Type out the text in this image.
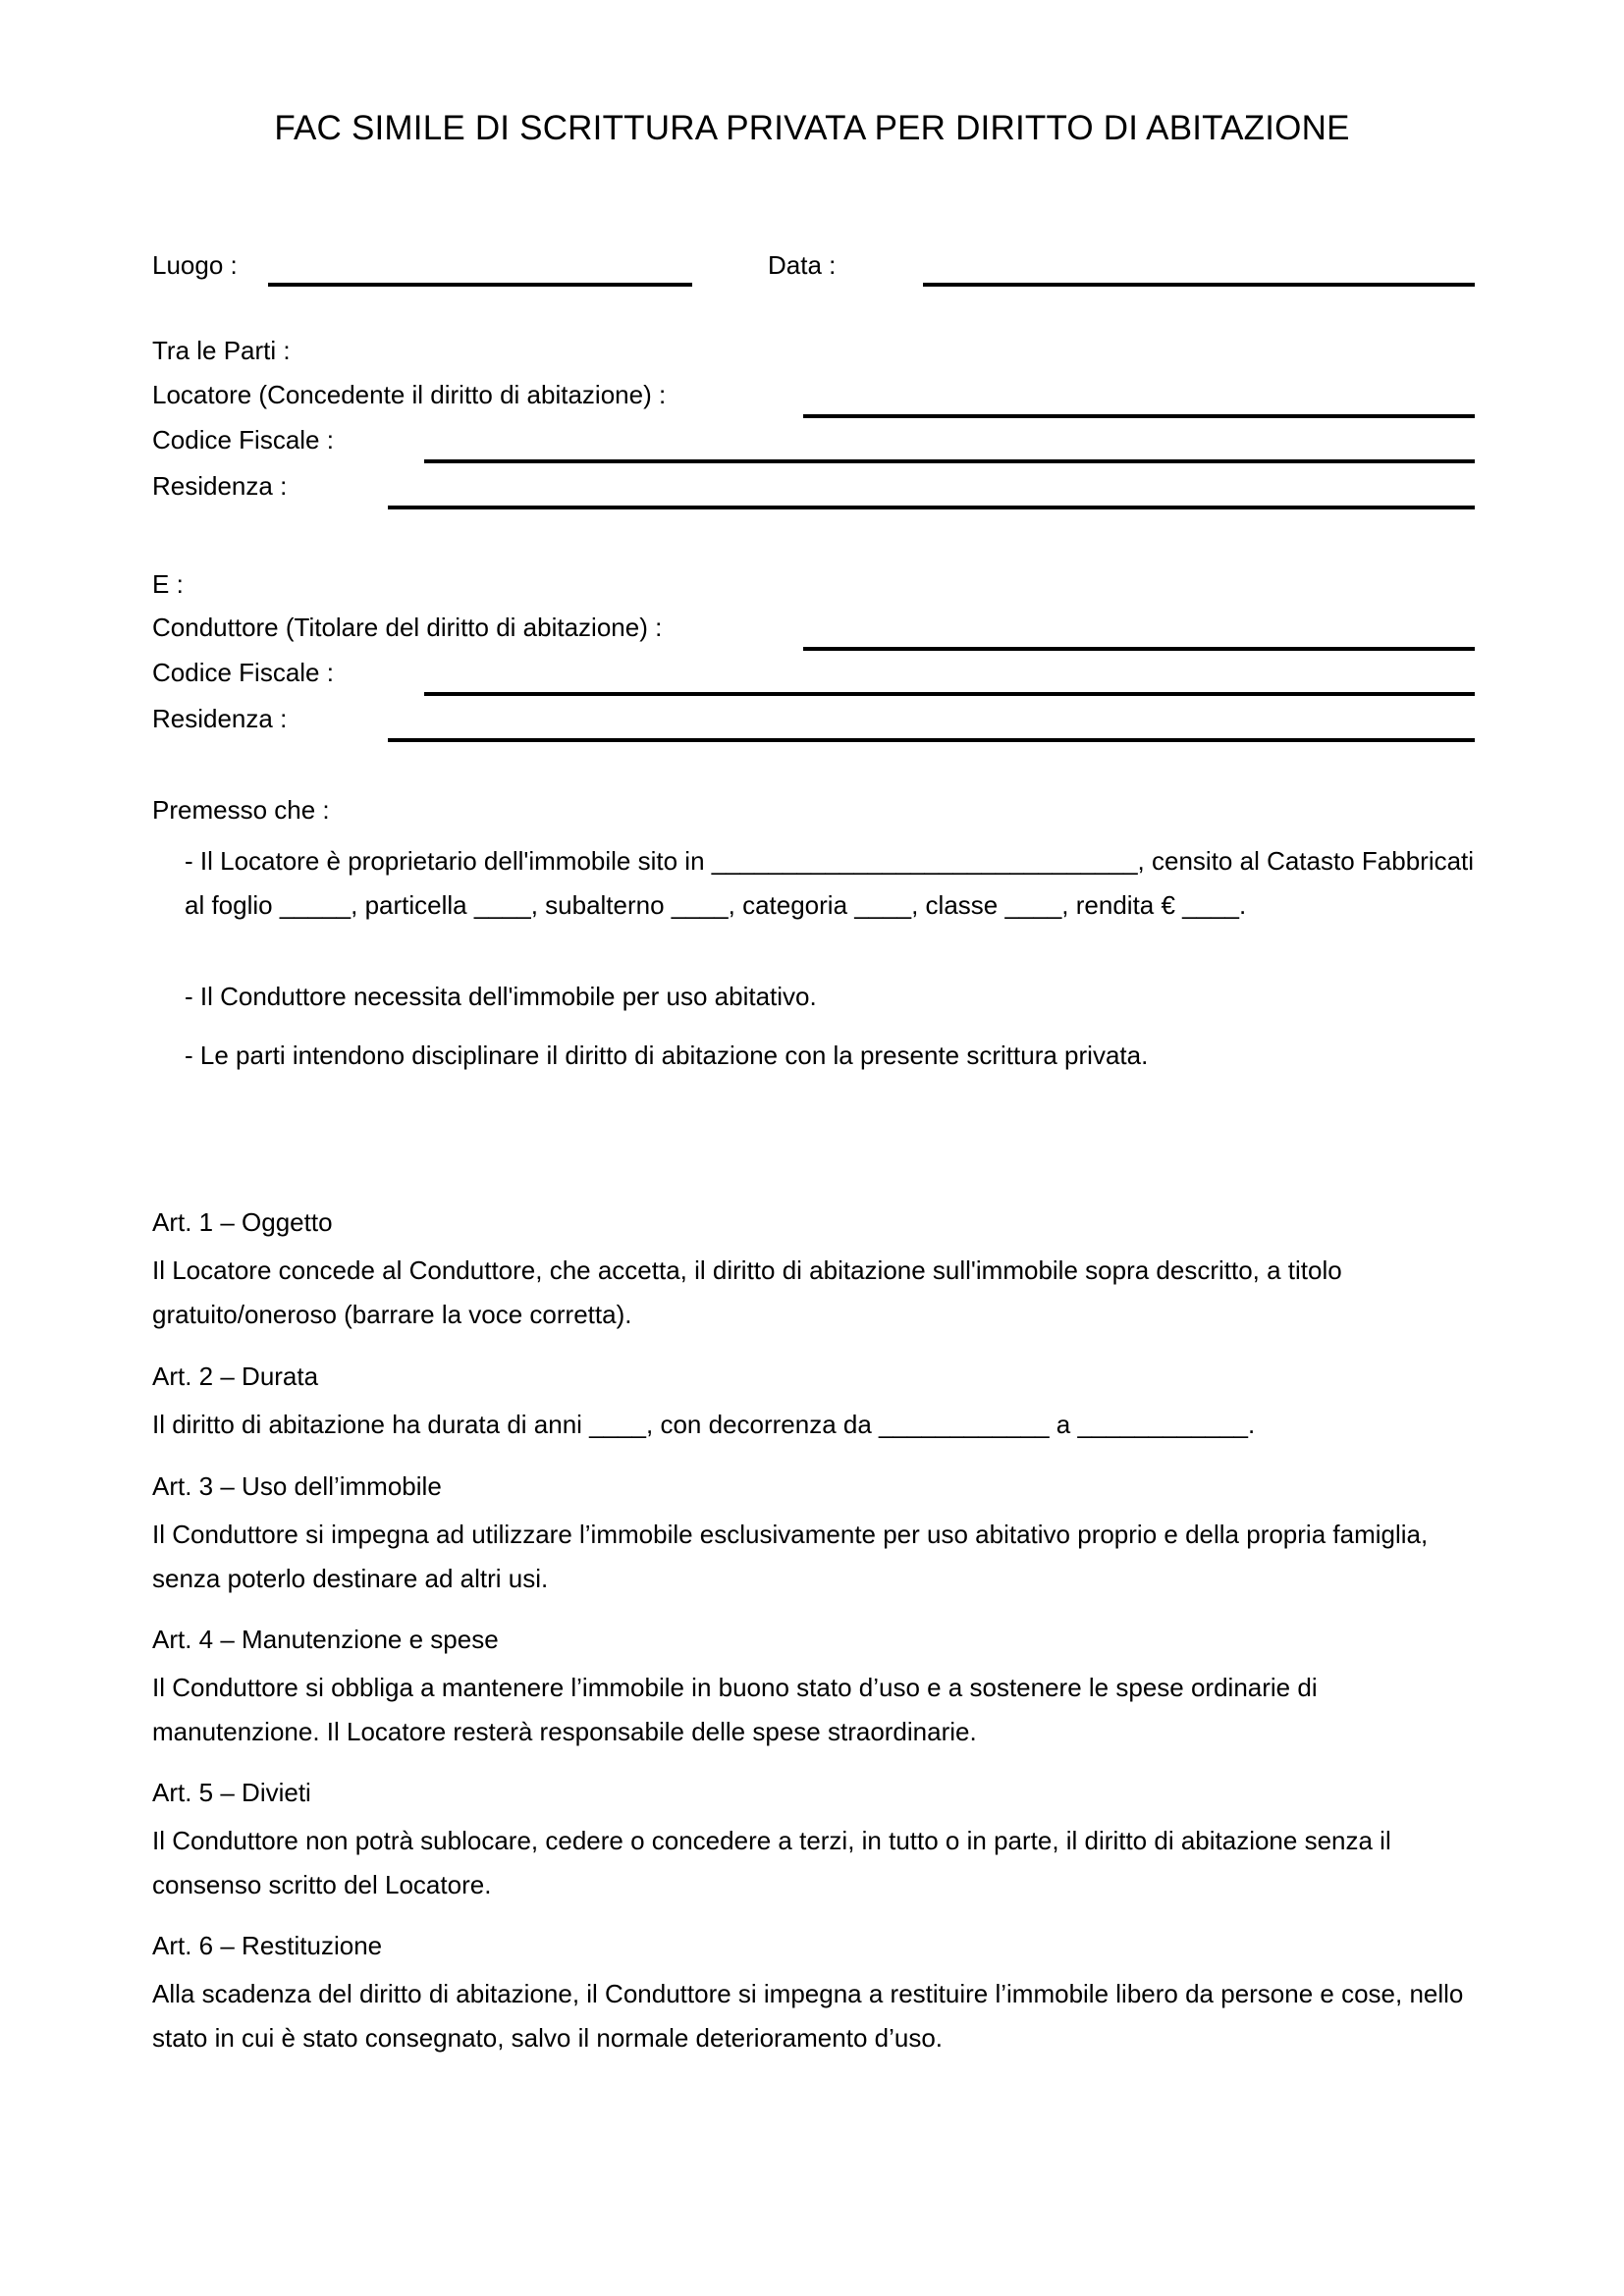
FAC SIMILE DI SCRITTURA PRIVATA PER DIRITTO DI ABITAZIONE
Luogo :	Data :
Tra le Parti :
Locatore (Concedente il diritto di abitazione) :
Codice Fiscale :
Residenza :
E :
Conduttore (Titolare del diritto di abitazione) :
Codice Fiscale :
Residenza :
Premesso che :
- Il Locatore è proprietario dell'immobile sito in ______________________________, censito al Catasto Fabbricati al foglio _____, particella ____, subalterno ____, categoria ____, classe ____, rendita € ____.
- Il Conduttore necessita dell'immobile per uso abitativo.
- Le parti intendono disciplinare il diritto di abitazione con la presente scrittura privata.
Art. 1 – Oggetto
Il Locatore concede al Conduttore, che accetta, il diritto di abitazione sull'immobile sopra descritto, a titolo gratuito/oneroso (barrare la voce corretta).
Art. 2 – Durata
Il diritto di abitazione ha durata di anni ____, con decorrenza da ____________ a ____________.
Art. 3 – Uso dell’immobile
Il Conduttore si impegna ad utilizzare l’immobile esclusivamente per uso abitativo proprio e della propria famiglia, senza poterlo destinare ad altri usi.
Art. 4 – Manutenzione e spese
Il Conduttore si obbliga a mantenere l’immobile in buono stato d’uso e a sostenere le spese ordinarie di manutenzione. Il Locatore resterà responsabile delle spese straordinarie.
Art. 5 – Divieti
Il Conduttore non potrà sublocare, cedere o concedere a terzi, in tutto o in parte, il diritto di abitazione senza il consenso scritto del Locatore.
Art. 6 – Restituzione
Alla scadenza del diritto di abitazione, il Conduttore si impegna a restituire l’immobile libero da persone e cose, nello stato in cui è stato consegnato, salvo il normale deterioramento d’uso.
